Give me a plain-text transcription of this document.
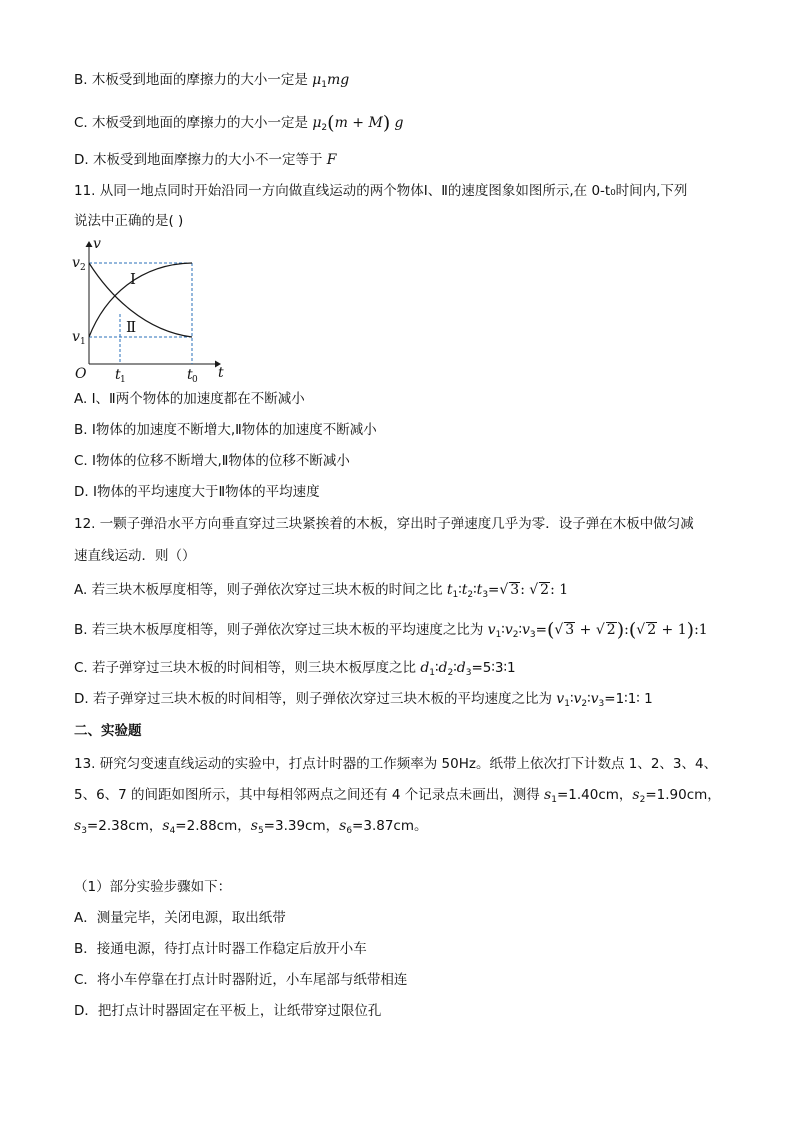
B. 木板受到地面的摩擦力的大小一定是 $\mu_1mg$
C. 木板受到地面的摩擦力的大小一定是 $\mu_2(m + M)$ g
D. 木板受到地面摩擦力的大小不一定等于 F
11. 从同一地点同时开始沿同一方向做直线运动的两个物体Ⅰ、Ⅱ的速度图象如图所示,在 0-t₀时间内,下列
说法中正确的是( )
v
t
O
v 2
v 1
t 1	t 0
Ⅰ
Ⅱ
A. Ⅰ、Ⅱ两个物体的加速度都在不断减小
B. Ⅰ物体的加速度不断增大,Ⅱ物体的加速度不断减小
C. Ⅰ物体的位移不断增大,Ⅱ物体的位移不断减小
D. Ⅰ物体的平均速度大于Ⅱ物体的平均速度
12. 一颗子弹沿水平方向垂直穿过三块紧挨着的木板，穿出时子弹速度几乎为零．设子弹在木板中做匀减
速直线运动．则（）
A. 若三块木板厚度相等，则子弹依次穿过三块木板的时间之比 $t_1∶t_2∶t_3=√$ 3: √ 2: 1
B. 若三块木板厚度相等，则子弹依次穿过三块木板的平均速度之比为 $v_1∶v_2∶v_3=(√$ 3 + √ 2):(√ 2 + 1):1
C. 若子弹穿过三块木板的时间相等，则三块木板厚度之比 $d_1∶d_2∶d_3=5∶3∶1$
D. 若子弹穿过三块木板的时间相等，则子弹依次穿过三块木板的平均速度之比为 $v_1∶v_2∶v_3=1∶1∶$ 1
二、实验题
13. 研究匀变速直线运动的实验中，打点计时器的工作频率为 50Hz。纸带上依次打下计数点 1、2、3、4、
5、6、7 的间距如图所示，其中每相邻两点之间还有 4 个记录点未画出，测得 $s_1=1.40cm$，$s_2=1.90cm$，
$s_3=2.38cm$，$s_4=2.88cm$，$s_5=3.39cm$，$s_6=3.87cm$。
（1）部分实验步骤如下：
A．测量完毕，关闭电源，取出纸带
B．接通电源，待打点计时器工作稳定后放开小车
C．将小车停靠在打点计时器附近，小车尾部与纸带相连
D．把打点计时器固定在平板上，让纸带穿过限位孔
